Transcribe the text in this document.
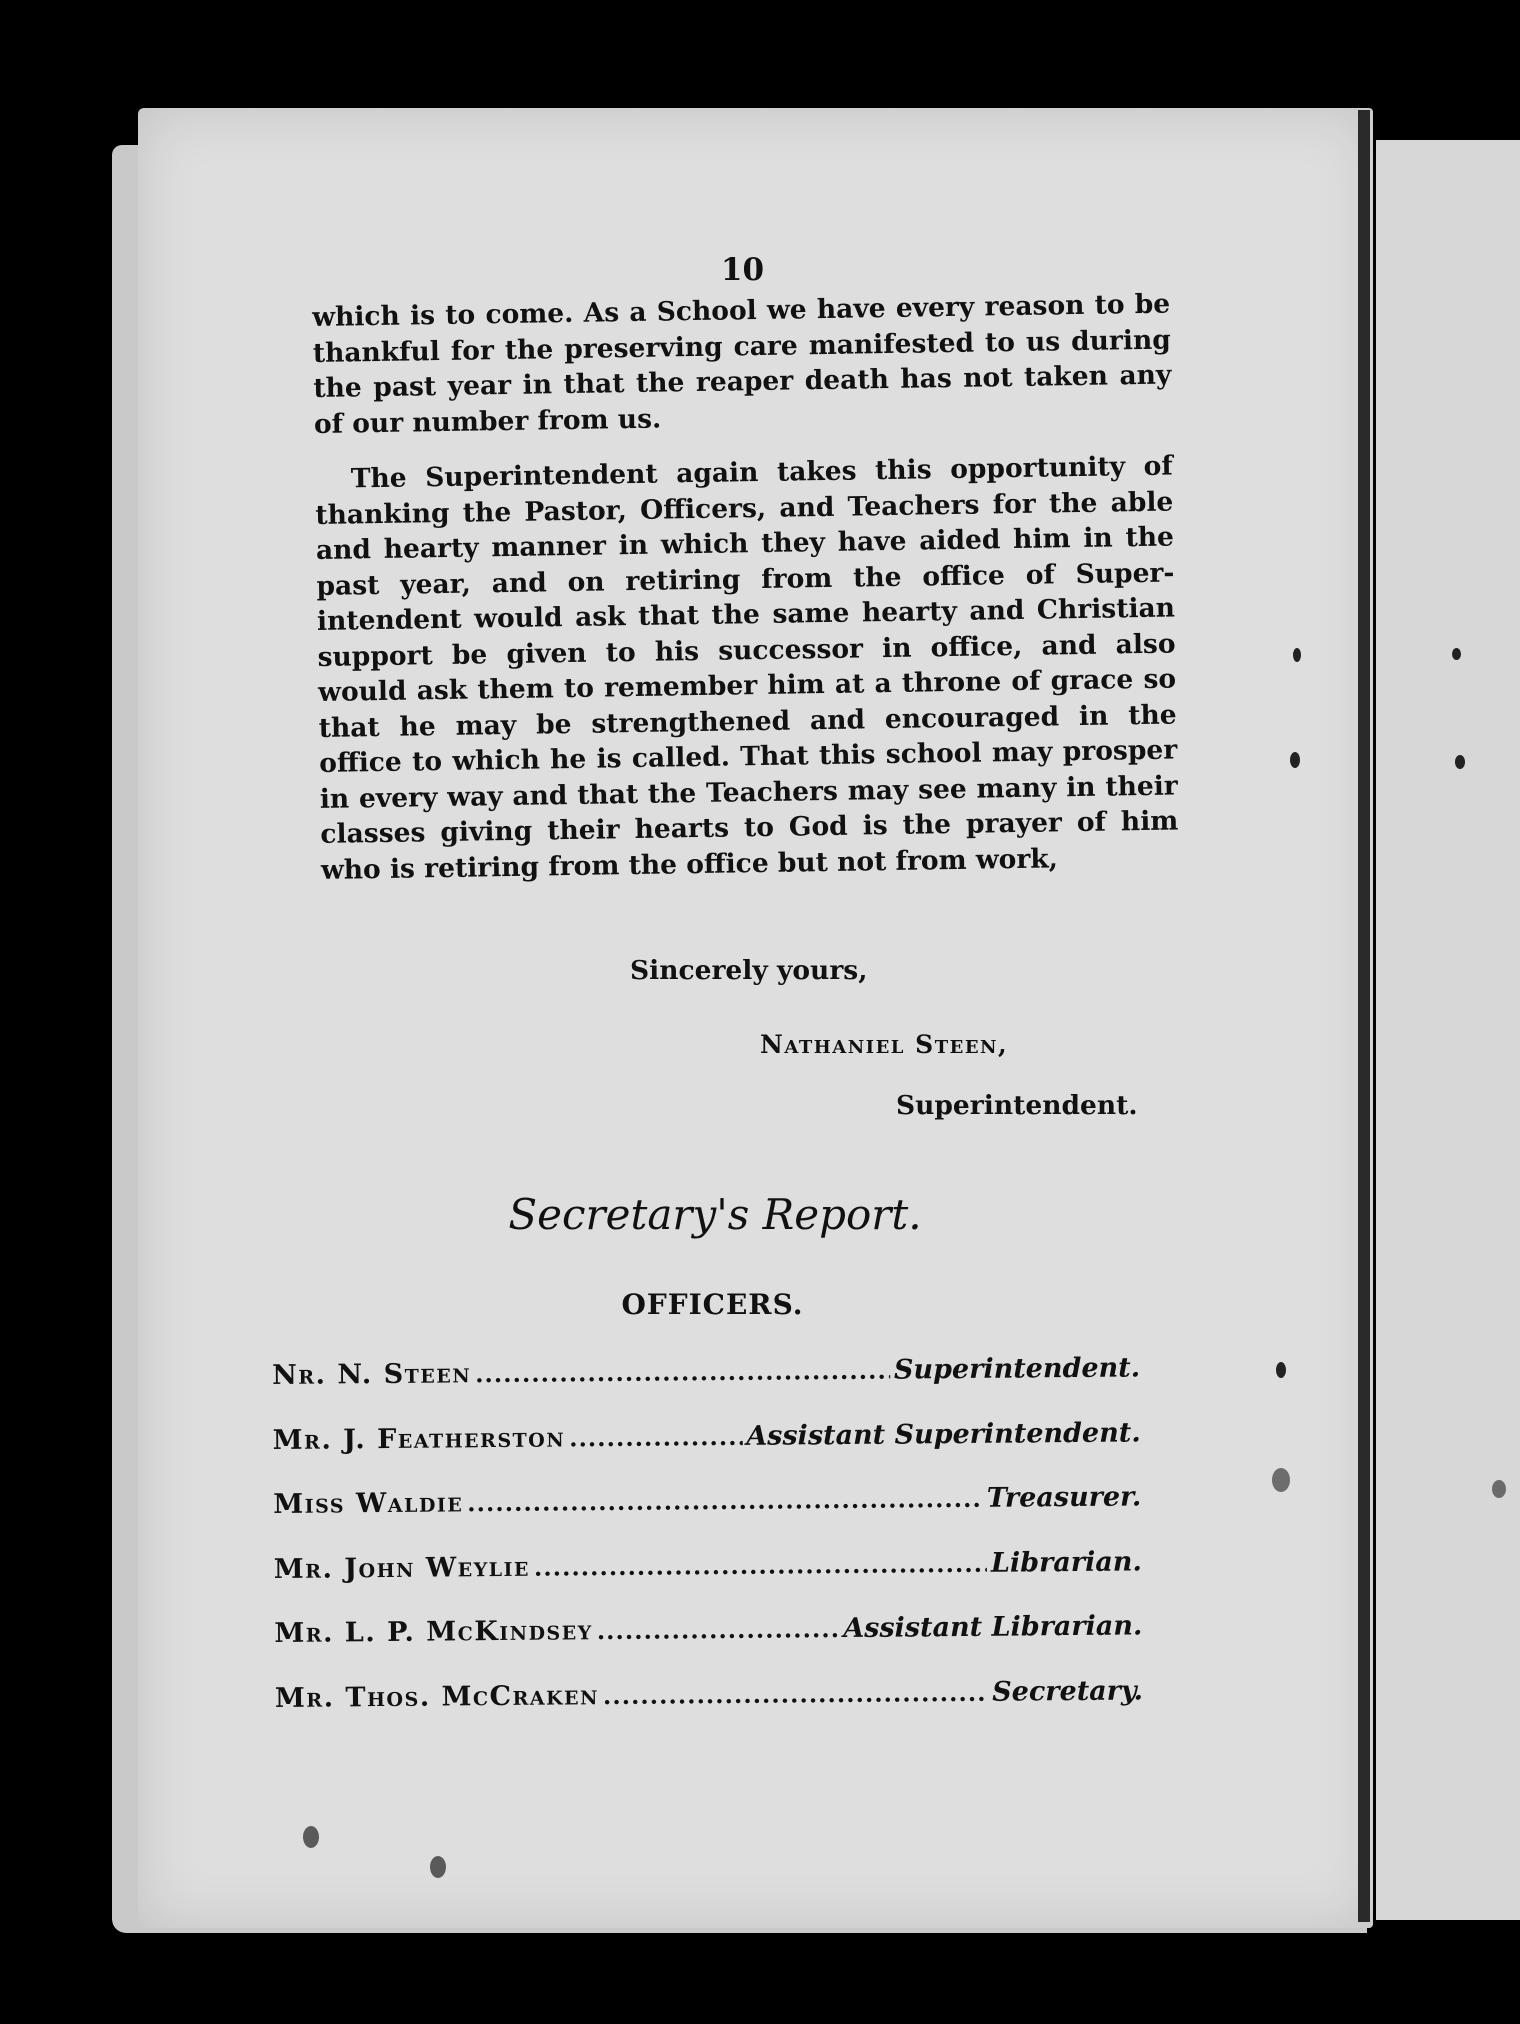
10

which is to come. As a School we have every reason to be thankful for the preserving care manifested to us during the past year in that the reaper death has not taken any of our number from us.

The Superintendent again takes this opportunity of thanking the Pastor, Officers, and Teachers for the able and hearty manner in which they have aided him in the past year, and on retiring from the office of Super-intendent would ask that the same hearty and Christian support be given to his successor in office, and also would ask them to remember him at a throne of grace so that he may be strengthened and encouraged in the office to which he is called. That this school may prosper in every way and that the Teachers may see many in their classes giving their hearts to God is the prayer of him who is retiring from the office but not from work,

Sincerely yours,
Nathaniel Steen,
Superintendent.
Secretary's Report.
OFFICERS.
Nr. N. Steen .....	Superintendent.
Mr. J. Featherston .....	Assistant Superintendent.
Miss Waldie .....	Treasurer.
Mr. John Weylie .....	Librarian.
Mr. L. P. McKindsey .....	Assistant Librarian.
Mr. Thos. McCraken .....	Secretary.
